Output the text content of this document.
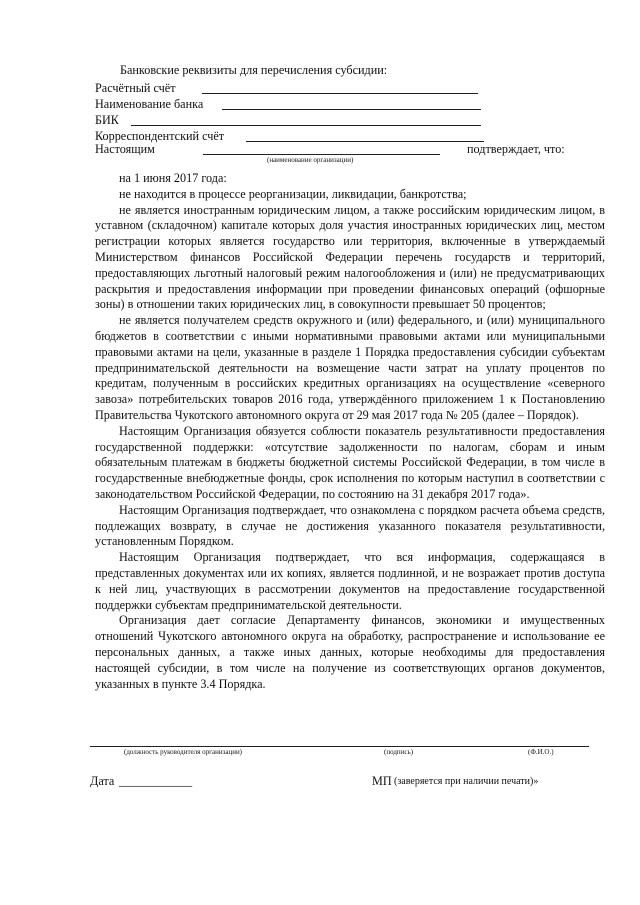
Банковские реквизиты для перечисления субсидии:
Расчётный счёт
Наименование банка
БИК
Корреспондентский счёт
Настоящим	подтверждает, что:
(наименование организации)

на 1 июня 2017 года:

не находится в процессе реорганизации, ликвидации, банкротства;

не является иностранным юридическим лицом, а также российским юридическим лицом, в уставном (складочном) капитале которых доля участия иностранных юридических лиц, местом регистрации которых является государство или территория, включенные в утверждаемый Министерством финансов Российской Федерации перечень государств и территорий, предоставляющих льготный налоговый режим налогообложения и (или) не предусматривающих раскрытия и предоставления информации при проведении финансовых операций (офшорные зоны) в отношении таких юридических лиц, в совокупности превышает 50 процентов;

не является получателем средств окружного и (или) федерального, и (или) муниципального бюджетов в соответствии с иными нормативными правовыми актами или муниципальными правовыми актами на цели, указанные в разделе 1 Порядка предоставления субсидии субъектам предпринимательской деятельности на возмещение части затрат на уплату процентов по кредитам, полученным в российских кредитных организациях на осуществление «северного завоза» потребительских товаров 2016 года, утверждённого приложением 1 к Постановлению Правительства Чукотского автономного округа от 29 мая 2017 года № 205 (далее – Порядок).

Настоящим Организация обязуется соблюсти показатель результативности предоставления государственной поддержки: «отсутствие задолженности по налогам, сборам и иным обязательным платежам в бюджеты бюджетной системы Российской Федерации, в том числе в государственные внебюджетные фонды, срок исполнения по которым наступил в соответствии с законодательством Российской Федерации, по состоянию на 31 декабря 2017 года».

Настоящим Организация подтверждает, что ознакомлена с порядком расчета объема средств, подлежащих возврату, в случае не достижения указанного показателя результативности, установленным Порядком.

Настоящим Организация подтверждает, что вся информация, содержащаяся в представленных документах или их копиях, является подлинной, и не возражает против доступа к ней лиц, участвующих в рассмотрении документов на предоставление государственной поддержки субъектам предпринимательской деятельности.

Организация дает согласие Департаменту финансов, экономики и имущественных отношений Чукотского автономного округа на обработку, распространение и использование ее персональных данных, а также иных данных, которые необходимы для предоставления настоящей субсидии, в том числе на получение из соответствующих органов документов, указанных в пункте 3.4 Порядка.

(должность руководителя организации)	(подпись)	(Ф.И.О.)
Дата ____________	МП (заверяется при наличии печати)»
